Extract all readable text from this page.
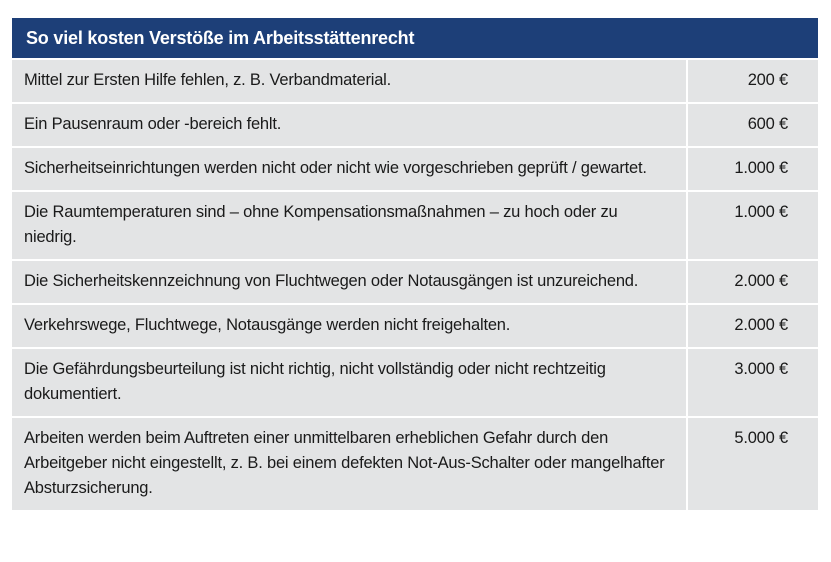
So viel kosten Verstöße im Arbeitsstättenrecht
Mittel zur Ersten Hilfe fehlen, z. B. Verbandmaterial.	200 €
Ein Pausenraum oder -bereich fehlt.	600 €
Sicherheitseinrichtungen werden nicht oder nicht wie vorgeschrieben geprüft / gewartet.	1.000 €
Die Raumtemperaturen sind – ohne Kompensationsmaßnahmen – zu hoch oder zu niedrig.	1.000 €
Die Sicherheitskennzeichnung von Fluchtwegen oder Notausgängen ist unzureichend.	2.000 €
Verkehrswege, Fluchtwege, Notausgänge werden nicht freigehalten.	2.000 €
Die Gefährdungsbeurteilung ist nicht richtig, nicht vollständig oder nicht rechtzeitig dokumentiert.	3.000 €
Arbeiten werden beim Auftreten einer unmittelbaren erheblichen Gefahr durch den Arbeitgeber nicht eingestellt, z. B. bei einem defekten Not-Aus-Schalter oder mangelhafter Absturzsicherung.	5.000 €
